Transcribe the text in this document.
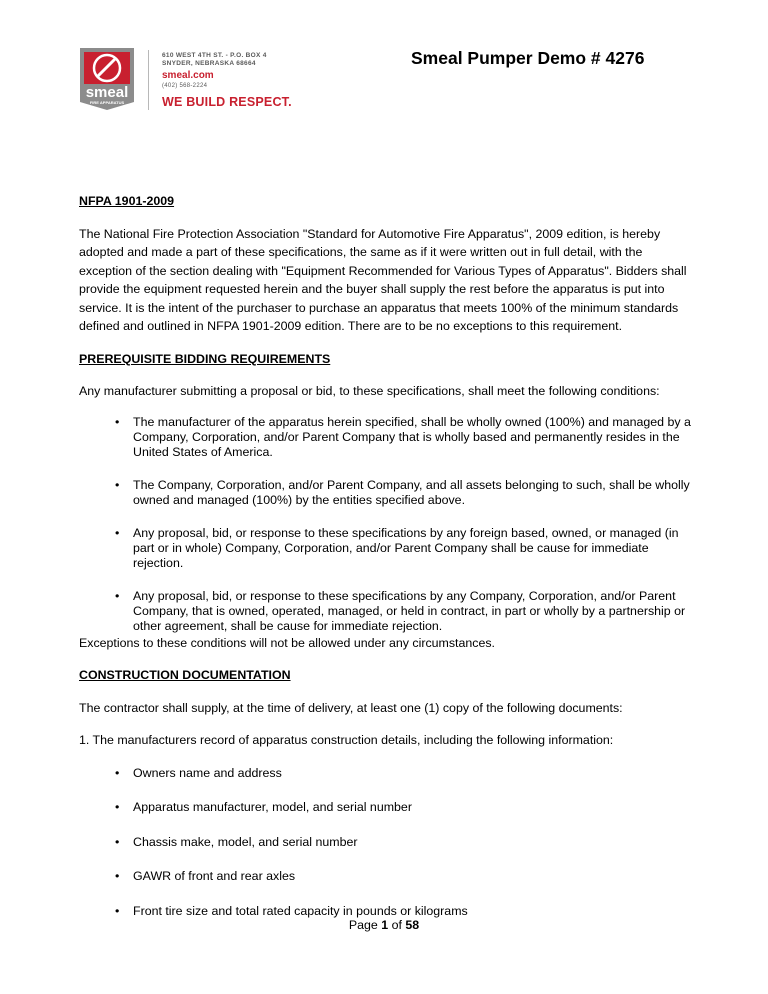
smeal
FIRE APPARATUS
610 WEST 4TH ST. - P.O. BOX 4
SNYDER, NEBRASKA 68664
smeal.com
(402) 568-2224
WE BUILD RESPECT.
Smeal Pumper Demo # 4276

NFPA 1901-2009

The National Fire Protection Association "Standard for Automotive Fire Apparatus", 2009 edition, is hereby adopted and made a part of these specifications, the same as if it were written out in full detail, with the exception of the section dealing with "Equipment Recommended for Various Types of Apparatus". Bidders shall provide the equipment requested herein and the buyer shall supply the rest before the apparatus is put into service. It is the intent of the purchaser to purchase an apparatus that meets 100% of the minimum standards defined and outlined in NFPA 1901-2009 edition. There are to be no exceptions to this requirement.

PREREQUISITE BIDDING REQUIREMENTS

Any manufacturer submitting a proposal or bid, to these specifications, shall meet the following conditions:

• The manufacturer of the apparatus herein specified, shall be wholly owned (100%) and managed by a Company, Corporation, and/or Parent Company that is wholly based and permanently resides in the United States of America.
• The Company, Corporation, and/or Parent Company, and all assets belonging to such, shall be wholly owned and managed (100%) by the entities specified above.
• Any proposal, bid, or response to these specifications by any foreign based, owned, or managed (in part or in whole) Company, Corporation, and/or Parent Company shall be cause for immediate rejection.
• Any proposal, bid, or response to these specifications by any Company, Corporation, and/or Parent Company, that is owned, operated, managed, or held in contract, in part or wholly by a partnership or other agreement, shall be cause for immediate rejection.

Exceptions to these conditions will not be allowed under any circumstances.

CONSTRUCTION DOCUMENTATION

The contractor shall supply, at the time of delivery, at least one (1) copy of the following documents:

1. The manufacturers record of apparatus construction details, including the following information:

• Owners name and address
• Apparatus manufacturer, model, and serial number
• Chassis make, model, and serial number
• GAWR of front and rear axles
• Front tire size and total rated capacity in pounds or kilograms
Page 1 of 58
